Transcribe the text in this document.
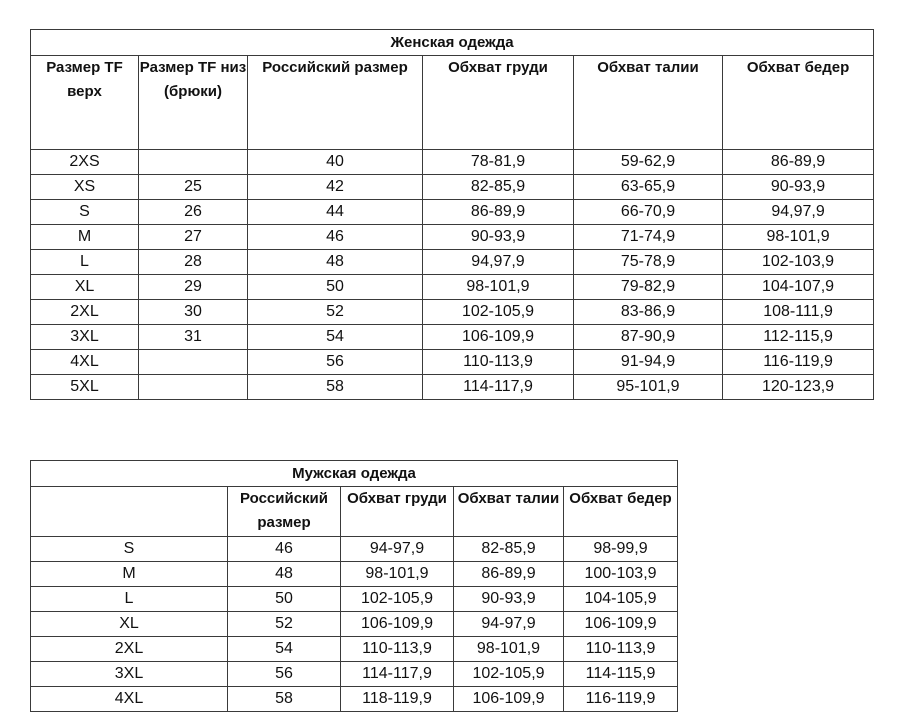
Женская одежда					
Размер TF верх	Размер TF низ (брюки)	Российский размер	Обхват груди	Обхват талии	Обхват бедер
2XS		40	78-81,9	59-62,9	86-89,9
XS	25	42	82-85,9	63-65,9	90-93,9
S	26	44	86-89,9	66-70,9	94,97,9
M	27	46	90-93,9	71-74,9	98-101,9
L	28	48	94,97,9	75-78,9	102-103,9
XL	29	50	98-101,9	79-82,9	104-107,9
2XL	30	52	102-105,9	83-86,9	108-111,9
3XL	31	54	106-109,9	87-90,9	112-115,9
4XL		56	110-113,9	91-94,9	116-119,9
5XL		58	114-117,9	95-101,9	120-123,9
Мужская одежда				
	Российский размер	Обхват груди	Обхват талии	Обхват бедер
S	46	94-97,9	82-85,9	98-99,9
M	48	98-101,9	86-89,9	100-103,9
L	50	102-105,9	90-93,9	104-105,9
XL	52	106-109,9	94-97,9	106-109,9
2XL	54	110-113,9	98-101,9	110-113,9
3XL	56	114-117,9	102-105,9	114-115,9
4XL	58	118-119,9	106-109,9	116-119,9
